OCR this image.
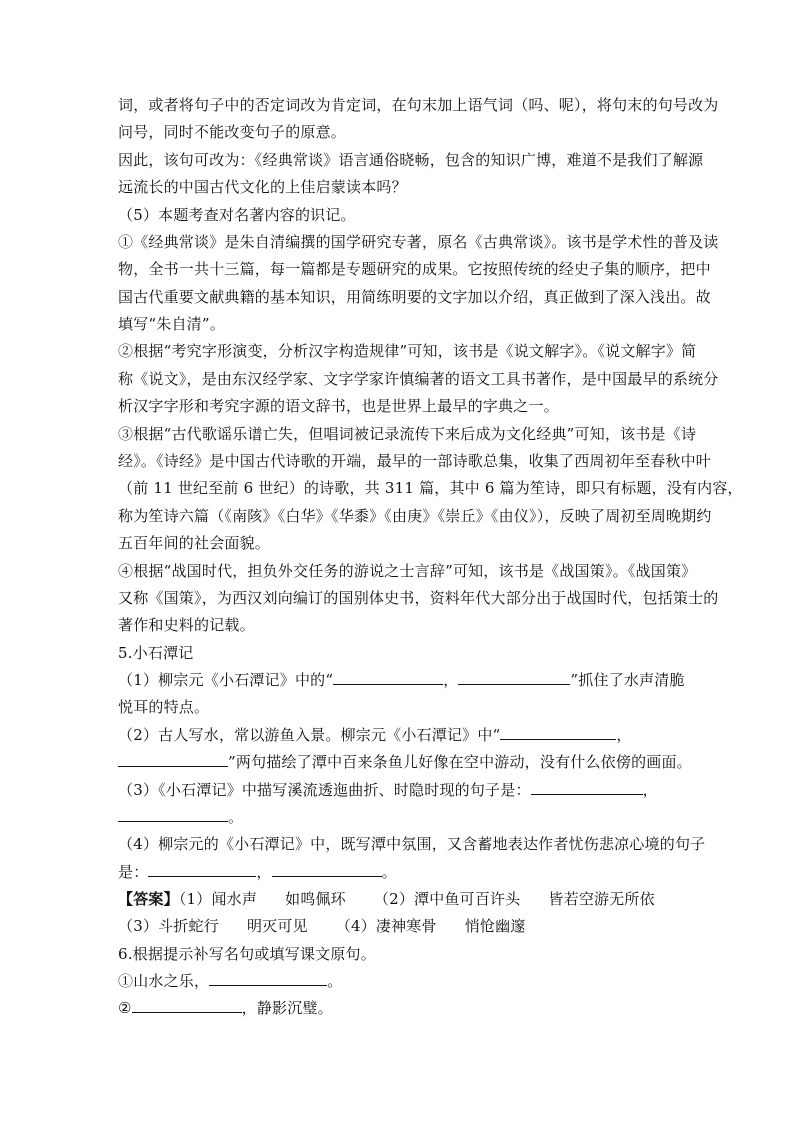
词，或者将句子中的否定词改为肯定词，在句末加上语气词（吗、呢），将句末的句号改为
问号，同时不能改变句子的原意。
因此，该句可改为：《经典常谈》语言通俗晓畅，包含的知识广博，难道不是我们了解源
远流长的中国古代文化的上佳启蒙读本吗？
（5）本题考查对名著内容的识记。
①《经典常谈》是朱自清编撰的国学研究专著，原名《古典常谈》。该书是学术性的普及读
物，全书一共十三篇，每一篇都是专题研究的成果。它按照传统的经史子集的顺序，把中
国古代重要文献典籍的基本知识，用简练明要的文字加以介绍，真正做到了深入浅出。故
填写“朱自清”。
②根据“考究字形演变，分析汉字构造规律”可知，该书是《说文解字》。《说文解字》简
称《说文》，是由东汉经学家、文字学家许慎编著的语文工具书著作，是中国最早的系统分
析汉字字形和考究字源的语文辞书，也是世界上最早的字典之一。
③根据“古代歌谣乐谱亡失，但唱词被记录流传下来后成为文化经典”可知，该书是《诗
经》。《诗经》是中国古代诗歌的开端，最早的一部诗歌总集，收集了西周初年至春秋中叶
（前 11 世纪至前 6 世纪）的诗歌，共 311 篇，其中 6 篇为笙诗，即只有标题，没有内容，
称为笙诗六篇（《南陔》《白华》《华黍》《由庚》《崇丘》《由仪》），反映了周初至周晚期约
五百年间的社会面貌。
④根据“战国时代，担负外交任务的游说之士言辞”可知，该书是《战国策》。《战国策》
又称《国策》，为西汉刘向编订的国别体史书，资料年代大部分出于战国时代，包括策士的
著作和史料的记载。
5.小石潭记
（1）柳宗元《小石潭记》中的“	，	”抓住了水声清脆
悦耳的特点。
（2）古人写水，常以游鱼入景。柳宗元《小石潭记》中“	，
”两句描绘了潭中百来条鱼儿好像在空中游动，没有什么依傍的画面。
（3）《小石潭记》中描写溪流透迤曲折、时隐时现的句子是：	，
。
（4）柳宗元的《小石潭记》中，既写潭中氛围，又含蓄地表达作者忧伤悲凉心境的句子
是：	，	。
【答案】（1）闻水声 如鸣佩环 （2）潭中鱼可百许头 皆若空游无所依
（3）斗折蛇行 明灭可见 （4）凄神寒骨 悄怆幽邃
6.根据提示补写名句或填写课文原句。
①山水之乐，	。
②	，静影沉璧。
